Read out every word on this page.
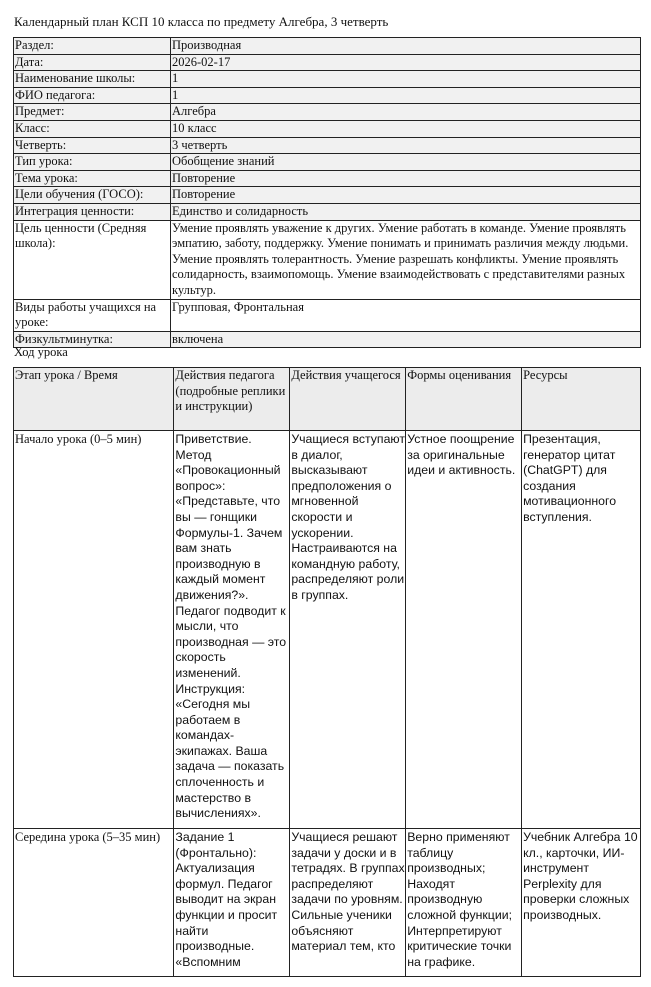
Календарный план КСП 10 класса по предмету Алгебра, 3 четверть
Раздел:	Производная
Дата:	2026-02-17
Наименование школы:	1
ФИО педагога:	1
Предмет:	Алгебра
Класс:	10 класс
Четверть:	3 четверть
Тип урока:	Обобщение знаний
Тема урока:	Повторение
Цели обучения (ГОСО):	Повторение
Интеграция ценности:	Единство и солидарность
Цель ценности (Средняя школа):	Умение проявлять уважение к других. Умение работать в команде. Умение проявлять эмпатию, заботу, поддержку. Умение понимать и принимать различия между людьми. Умение проявлять толерантность. Умение разрешать конфликты. Умение проявлять солидарность, взаимопомощь. Умение взаимодействовать с представителями разных культур.
Виды работы учащихся на уроке:	Групповая, Фронтальная
Физкультминутка:	включена
Ход урока
Этап урока / Время	Действия педагога (подробные реплики и инструкции)	Действия учащегося	Формы оценивания	Ресурсы
Начало урока (0–5 мин)	Приветствие. Метод «Провокационный вопрос»: «Представьте, что вы — гонщики Формулы-1. Зачем вам знать производную в каждый момент движения?». Педагог подводит к мысли, что производная — это скорость изменений. Инструкция: «Сегодня мы работаем в командах-экипажах. Ваша задача — показать сплоченность и мастерство в вычислениях».	Учащиеся вступают в диалог, высказывают предположения о мгновенной скорости и ускорении. Настраиваются на командную работу, распределяют роли в группах.	Устное поощрение за оригинальные идеи и активность.	Презентация, генератор цитат (ChatGPT) для создания мотивационного вступления.
Середина урока (5–35 мин)	Задание 1 (Фронтально): Актуализация формул. Педагог выводит на экран функции и просит найти производные. «Вспомним	Учащиеся решают задачи у доски и в тетрадях. В группах распределяют задачи по уровням. Сильные ученики объясняют материал тем, кто	Верно применяют таблицу производных; Находят производную сложной функции; Интерпретируют критические точки на графике.	Учебник Алгебра 10 кл., карточки, ИИ-инструмент Perplexity для проверки сложных производных.
